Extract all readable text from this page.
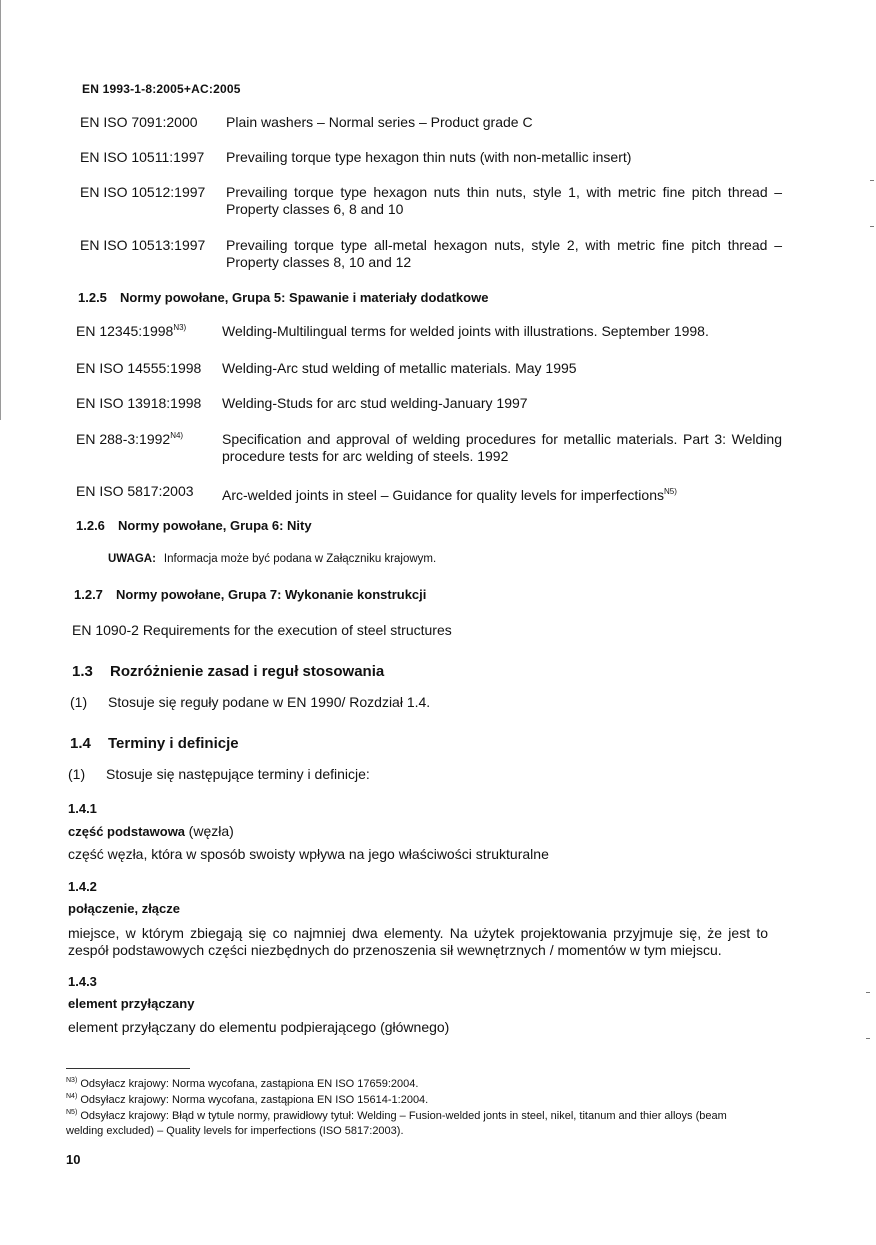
EN 1993-1-8:2005+AC:2005
EN ISO 7091:2000 Plain washers – Normal series – Product grade C
EN ISO 10511:1997 Prevailing torque type hexagon thin nuts (with non-metallic insert)
EN ISO 10512:1997 Prevailing torque type hexagon nuts thin nuts, style 1, with metric fine pitch thread – Property classes 6, 8 and 10
EN ISO 10513:1997 Prevailing torque type all-metal hexagon nuts, style 2, with metric fine pitch thread – Property classes 8, 10 and 12
1.2.5 Normy powołane, Grupa 5: Spawanie i materiały dodatkowe
EN $12345:1998^{N3)}$	Welding-Multilingual terms for welded joints with illustrations. September 1998.
EN ISO 14555:1998 Welding-Arc stud welding of metallic materials. May 1995
EN ISO 13918:1998 Welding-Studs for arc stud welding-January 1997
EN $288-3:1992^{N4)}$	Specification and approval of welding procedures for metallic materials. Part 3: Welding procedure tests for arc welding of steels. 1992
EN ISO 5817:2003 Arc-welded joints in steel – Guidance for quality levels for imperfections$^{N5)}$
1.2.6 Normy powołane, Grupa 6: Nity
UWAGA: Informacja może być podana w Załączniku krajowym.
1.2.7 Normy powołane, Grupa 7: Wykonanie konstrukcji
EN 1090-2 Requirements for the execution of steel structures
1.3 Rozróżnienie zasad i reguł stosowania
(1) Stosuje się reguły podane w EN 1990/ Rozdział 1.4.
1.4 Terminy i definicje
(1) Stosuje się następujące terminy i definicje:
1.4.1
część podstawowa (węzła)
część węzła, która w sposób swoisty wpływa na jego właściwości strukturalne
1.4.2
połączenie, złącze
miejsce, w którym zbiegają się co najmniej dwa elementy. Na użytek projektowania przyjmuje się, że jest to zespół podstawowych części niezbędnych do przenoszenia sił wewnętrznych / momentów w tym miejscu.
1.4.3
element przyłączany
element przyłączany do elementu podpierającego (głównego)
$^{N3)}$ Odsyłacz krajowy: Norma wycofana, zastąpiona EN ISO 17659:2004.
$^{N4)}$ Odsyłacz krajowy: Norma wycofana, zastąpiona EN ISO 15614-1:2004.
$^{N5)}$ Odsyłacz krajowy: Błąd w tytule normy, prawidłowy tytuł: Welding – Fusion-welded jonts in steel, nikel, titanum and thier alloys (beam welding excluded) – Quality levels for imperfections (ISO 5817:2003).
10
